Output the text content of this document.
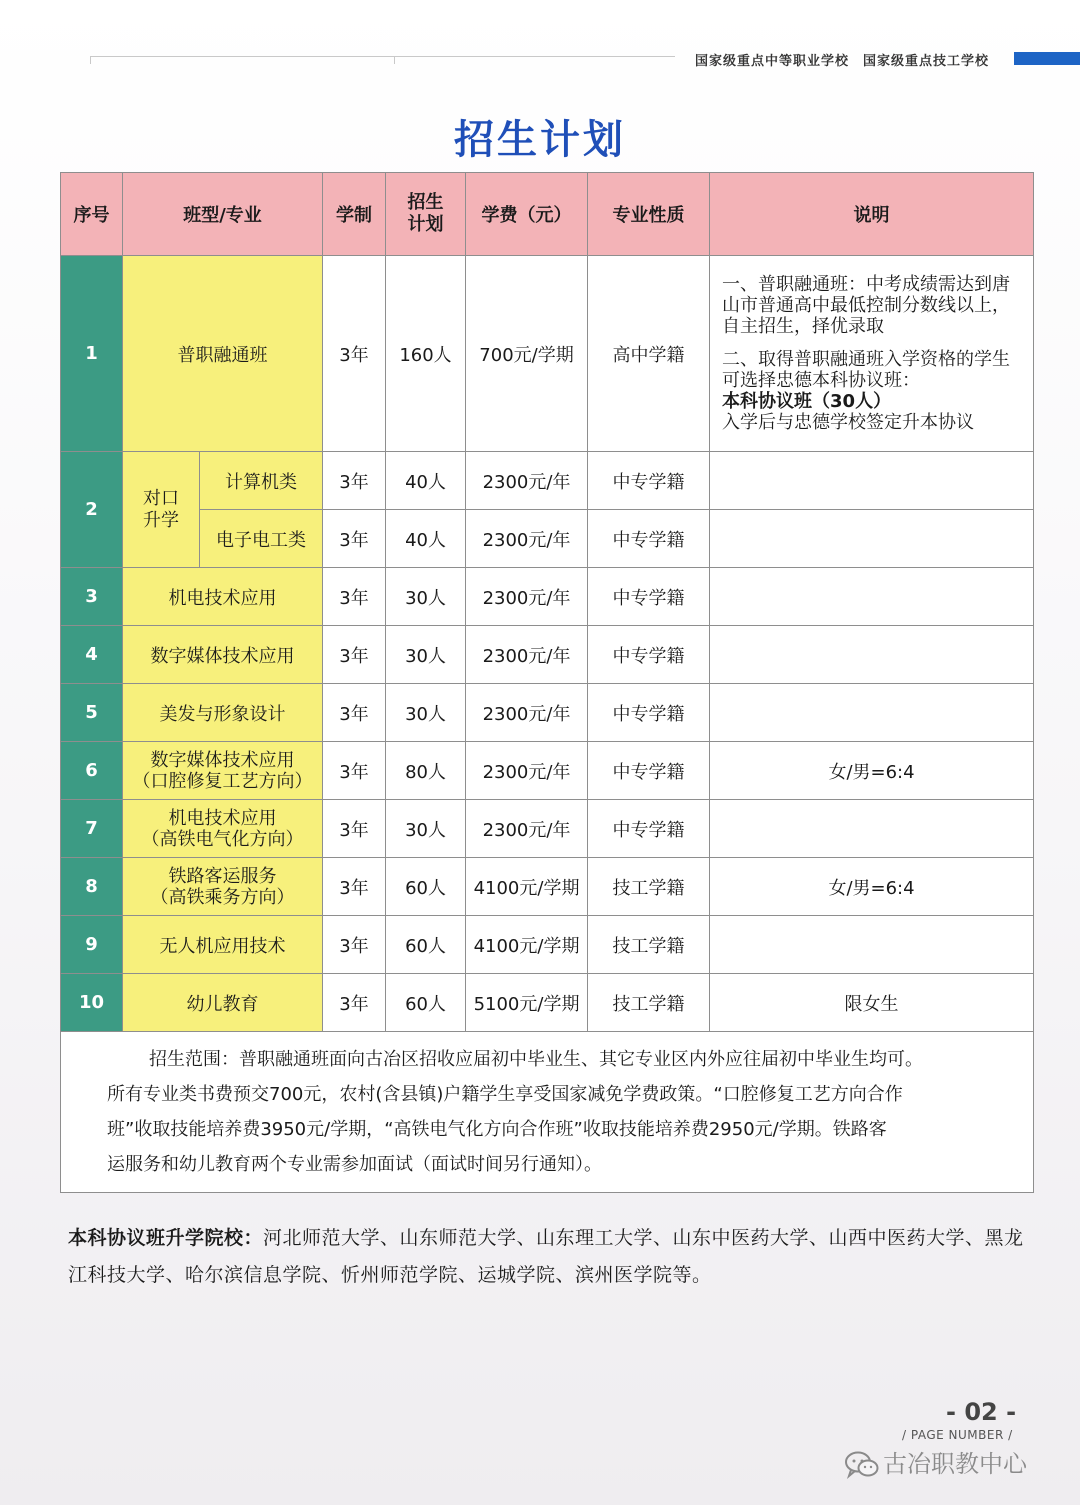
国家级重点中等职业学校 国家级重点技工学校
招生计划
序号	班型/专业		学制	招生计划	学费（元）	专业性质	说明
1	普职融通班		3年	160人	700元/学期	高中学籍	一、普职融通班：中考成绩需达到唐山市普通高中最低控制分数线以上，自主招生，择优录取

二、取得普职融通班入学资格的学生可选择忠德本科协议班：

本科协议班（30人）

入学后与忠德学校签定升本协议

2	对口升学	计算机类	3年	40人	2300元/年	中专学籍	
		电子电工类	3年	40人	2300元/年	中专学籍	
3	机电技术应用		3年	30人	2300元/年	中专学籍	
4	数字媒体技术应用		3年	30人	2300元/年	中专学籍	
5	美发与形象设计		3年	30人	2300元/年	中专学籍	
6	数字媒体技术应用
（口腔修复工艺方向）		3年	80人	2300元/年	中专学籍	女/男=6:4
7	机电技术应用
（高铁电气化方向）		3年	30人	2300元/年	中专学籍	
8	铁路客运服务
（高铁乘务方向）		3年	60人	4100元/学期	技工学籍	女/男=6:4
9	无人机应用技术		3年	60人	4100元/学期	技工学籍	
10	幼儿教育		3年	60人	5100元/学期	技工学籍	限女生

招生范围：普职融通班面向古冶区招收应届初中毕业生、其它专业区内外应往届初中毕业生均可。
所有专业类书费预交700元，农村(含县镇)户籍学生享受国家减免学费政策。“口腔修复工艺方向合作
班”收取技能培养费3950元/学期，“高铁电气化方向合作班”收取技能培养费2950元/学期。铁路客
运服务和幼儿教育两个专业需参加面试（面试时间另行通知）。							
本科协议班升学院校：河北师范大学、山东师范大学、山东理工大学、山东中医药大学、山西中医药大学、黑龙江科技大学、哈尔滨信息学院、忻州师范学院、运城学院、滨州医学院等。
- 02 -
/ PAGE NUMBER /
古冶职教中心
